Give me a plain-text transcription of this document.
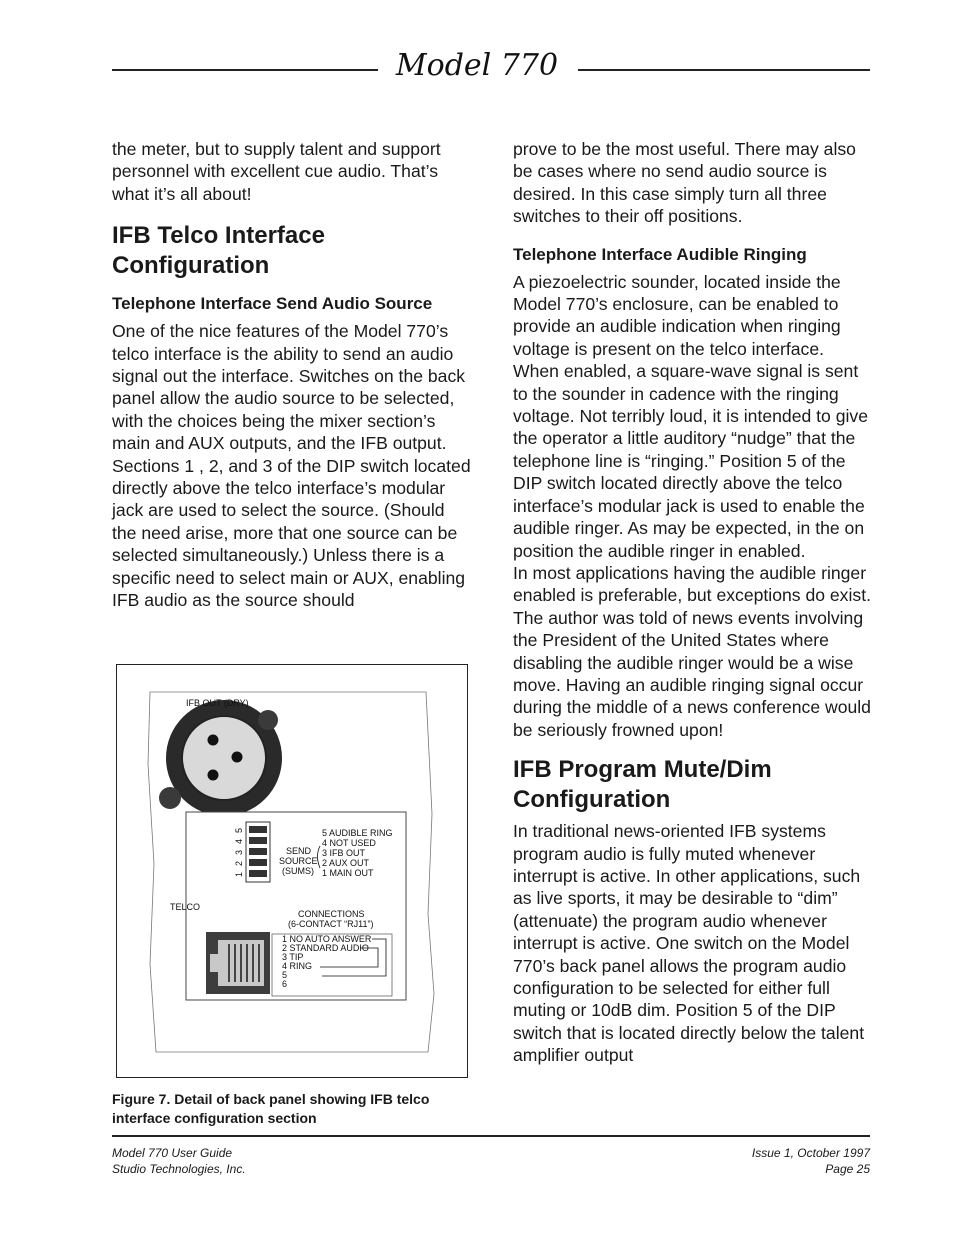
Model 770

the meter, but to supply talent and support personnel with excellent cue audio. That’s what it’s all about!

IFB Telco Interface Configuration
Telephone Interface Send Audio Source

One of the nice features of the Model 770’s telco interface is the ability to send an audio signal out the interface. Switches on the back panel allow the audio source to be selected, with the choices being the mixer section’s main and AUX outputs, and the IFB output. Sections 1 , 2, and 3 of the DIP switch located directly above the telco interface’s modular jack are used to select the source. (Should the need arise, more that one source can be selected simultaneously.) Unless there is a specific need to select main or AUX, enabling IFB audio as the source should

IFB OUT (DRY)
TELCO
5
4
3
2
1
SEND
SOURCE
(SUMS)
5 AUDIBLE RING
4 NOT USED
3 IFB OUT
2 AUX OUT
1 MAIN OUT
CONNECTIONS
(6-CONTACT “RJ11”)
1 NO AUTO ANSWER
2 STANDARD AUDIO
3 TIP
4 RING
5
6
Figure 7. Detail of back panel showing IFB telco interface configuration section

prove to be the most useful. There may also be cases where no send audio source is desired. In this case simply turn all three switches to their off positions.

Telephone Interface Audible Ringing

A piezoelectric sounder, located inside the Model 770’s enclosure, can be enabled to provide an audible indication when ringing voltage is present on the telco interface. When enabled, a square-wave signal is sent to the sounder in cadence with the ringing voltage. Not terribly loud, it is intended to give the operator a little auditory “nudge” that the telephone line is “ringing.” Position 5 of the DIP switch located directly above the telco interface’s modular jack is used to enable the audible ringer. As may be expected, in the on position the audible ringer in enabled.

In most applications having the audible ringer enabled is preferable, but exceptions do exist. The author was told of news events involving the President of the United States where disabling the audible ringer would be a wise move. Having an audible ringing signal occur during the middle of a news conference would be seriously frowned upon!

IFB Program Mute/Dim Configuration

In traditional news-oriented IFB systems program audio is fully muted whenever interrupt is active. In other applications, such as live sports, it may be desirable to “dim” (attenuate) the program audio whenever interrupt is active. One switch on the Model 770’s back panel allows the program audio configuration to be selected for either full muting or 10dB dim. Position 5 of the DIP switch that is located directly below the talent amplifier output

Model 770 User Guide
Studio Technologies, Inc.
Issue 1, October 1997
Page 25
